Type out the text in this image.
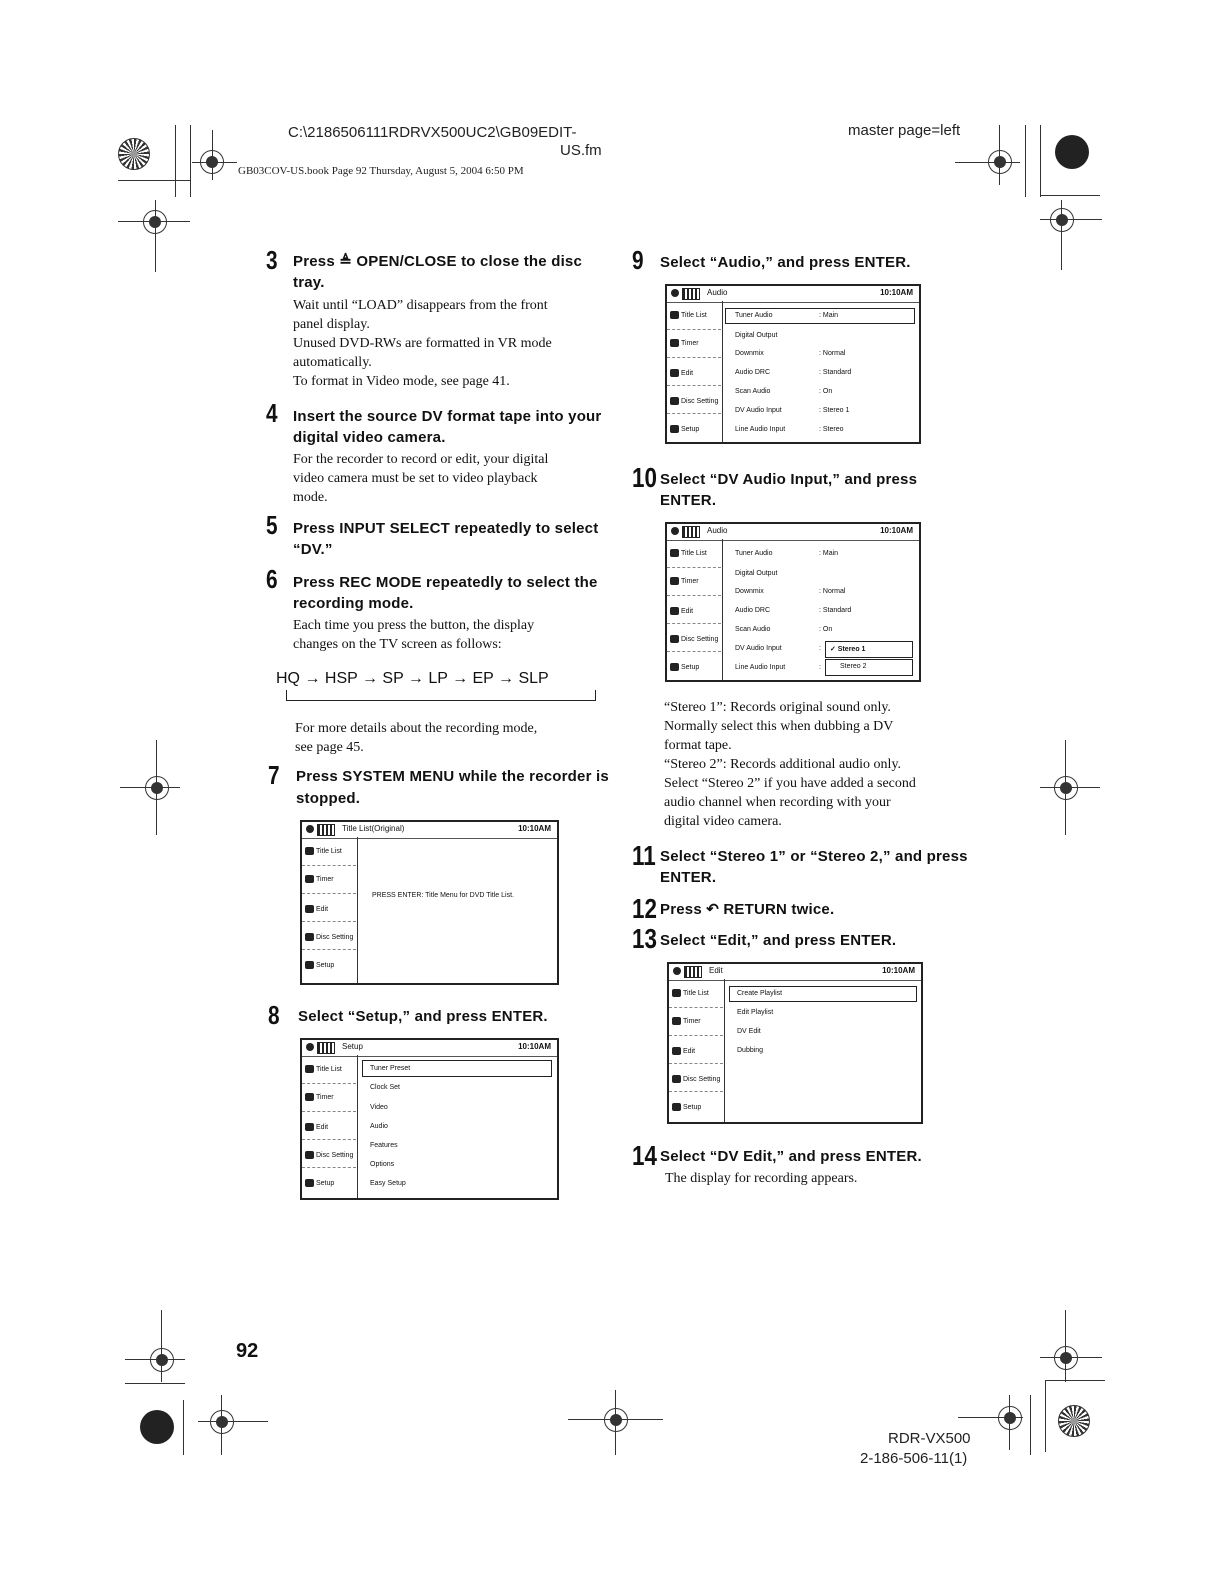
C:\2186506111RDRVX500UC2\GB09EDIT-
US.fm
GB03COV-US.book Page 92 Thursday, August 5, 2004 6:50 PM
master page=left
3 Press ≜ OPEN/CLOSE to close the disc
tray.
Wait until “LOAD” disappears from the front
panel display.
Unused DVD-RWs are formatted in VR mode
automatically.
To format in Video mode, see page 41.
4 Insert the source DV format tape into your
digital video camera.
For the recorder to record or edit, your digital
video camera must be set to video playback
mode.
5 Press INPUT SELECT repeatedly to select
“DV.”
6 Press REC MODE repeatedly to select the
recording mode.
Each time you press the button, the display
changes on the TV screen as follows:
HQ → HSP → SP → LP → EP → SLP
For more details about the recording mode,
see page 45.
7 Press SYSTEM MENU while the recorder is
stopped.
Title List(Original)	10:10AM
Title List
Timer
Edit
Disc Setting
Setup
PRESS ENTER: Title Menu for DVD Title List.
8 Select “Setup,” and press ENTER.
Setup	10:10AM
Title List
Timer
Edit
Disc Setting
Setup
Tuner Preset
Clock Set
Video
Audio
Features
Options
Easy Setup
92
9 Select “Audio,” and press ENTER.
Audio	10:10AM
Title List
Timer
Edit
Disc Setting
Setup
Tuner Audio	: Main
Digital Output
Downmix	: Normal
Audio DRC	: Standard
Scan Audio	: On
DV Audio Input	: Stereo 1
Line Audio Input	: Stereo
10 Select “DV Audio Input,” and press
ENTER.
Audio	10:10AM
Title List
Timer
Edit
Disc Setting
Setup
Tuner Audio	: Main
Digital Output
Downmix	: Normal
Audio DRC	: Standard
Scan Audio	: On
DV Audio Input	:
Line Audio Input	:
✓ Stereo 1
Stereo 2
“Stereo 1”: Records original sound only.
Normally select this when dubbing a DV
format tape.
“Stereo 2”: Records additional audio only.
Select “Stereo 2” if you have added a second
audio channel when recording with your
digital video camera.
11 Select “Stereo 1” or “Stereo 2,” and press
ENTER.
12 Press ↶ RETURN twice.
13 Select “Edit,” and press ENTER.
Edit	10:10AM
Title List
Timer
Edit
Disc Setting
Setup
Create Playlist
Edit Playlist
DV Edit
Dubbing
14 Select “DV Edit,” and press ENTER.
The display for recording appears.
RDR-VX500
2-186-506-11(1)
